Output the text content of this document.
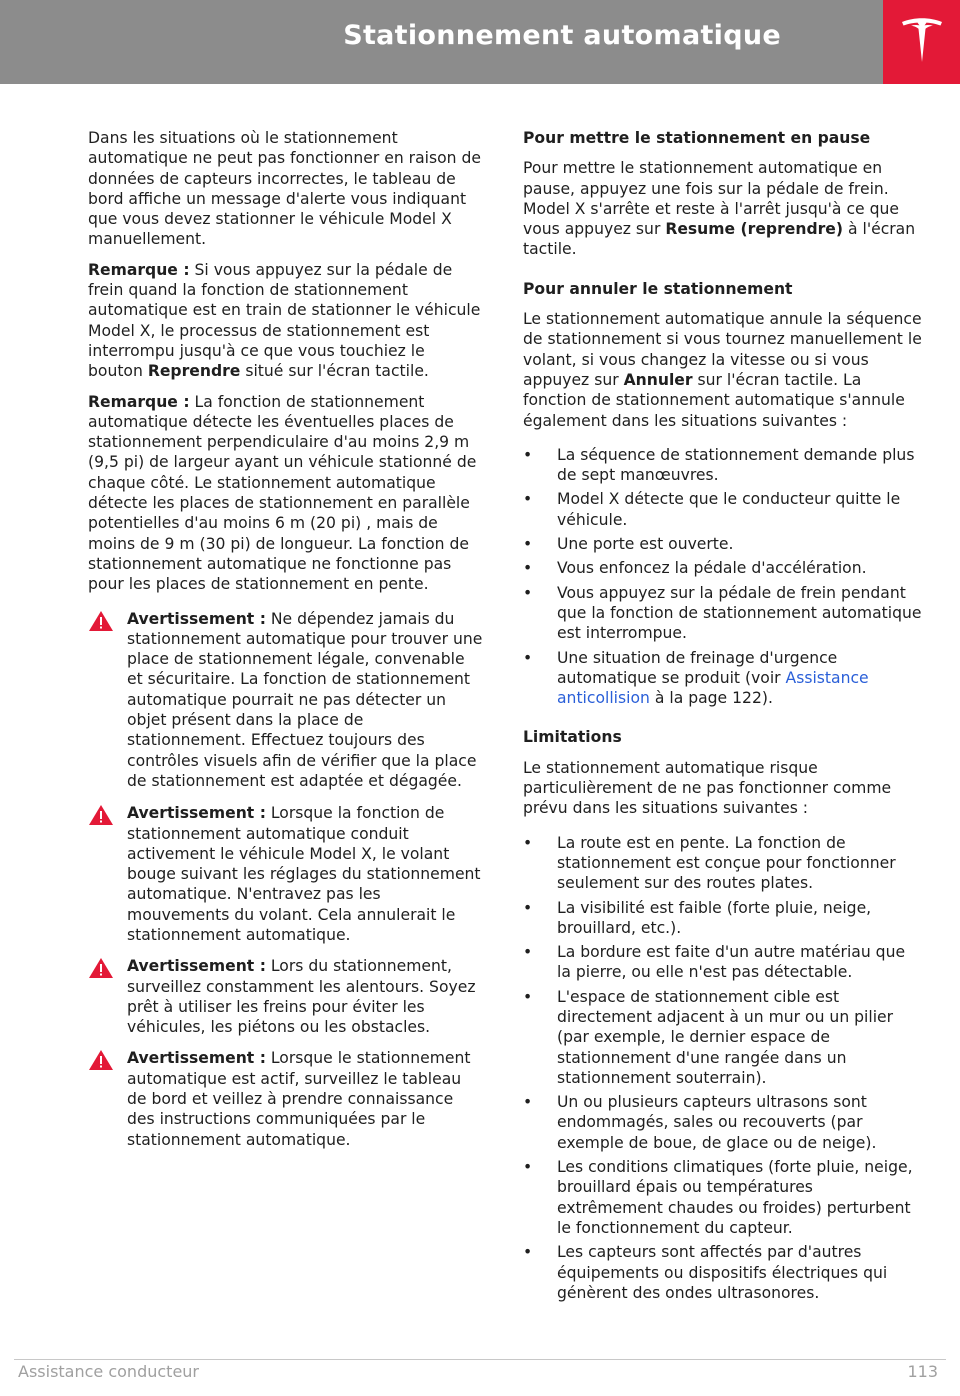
Stationnement automatique

Dans les situations où le stationnement automatique ne peut pas fonctionner en raison de données de capteurs incorrectes, le tableau de bord affiche un message d'alerte vous indiquant que vous devez stationner le véhicule Model X manuellement.

Remarque : Si vous appuyez sur la pédale de frein quand la fonction de stationnement automatique est en train de stationner le véhicule Model X, le processus de stationnement est interrompu jusqu'à ce que vous touchiez le bouton Reprendre situé sur l'écran tactile.

Remarque : La fonction de stationnement automatique détecte les éventuelles places de stationnement perpendiculaire d'au moins 2,9 m (9,5 pi) de largeur ayant un véhicule stationné de chaque côté. Le stationnement automatique détecte les places de stationnement en parallèle potentielles d'au moins 6 m (20 pi) , mais de moins de 9 m (30 pi) de longueur. La fonction de stationnement automatique ne fonctionne pas pour les places de stationnement en pente.

Avertissement : Ne dépendez jamais du stationnement automatique pour trouver une place de stationnement légale, convenable et sécuritaire. La fonction de stationnement automatique pourrait ne pas détecter un objet présent dans la place de stationnement. Effectuez toujours des contrôles visuels afin de vérifier que la place de stationnement est adaptée et dégagée.
Avertissement : Lorsque la fonction de stationnement automatique conduit activement le véhicule Model X, le volant bouge suivant les réglages du stationnement automatique. N'entravez pas les mouvements du volant. Cela annulerait le stationnement automatique.
Avertissement : Lors du stationnement, surveillez constamment les alentours. Soyez prêt à utiliser les freins pour éviter les véhicules, les piétons ou les obstacles.
Avertissement : Lorsque le stationnement automatique est actif, surveillez le tableau de bord et veillez à prendre connaissance des instructions communiquées par le stationnement automatique.
Pour mettre le stationnement en pause

Pour mettre le stationnement automatique en pause, appuyez une fois sur la pédale de frein. Model X s'arrête et reste à l'arrêt jusqu'à ce que vous appuyez sur Resume (reprendre) à l'écran tactile.

Pour annuler le stationnement

Le stationnement automatique annule la séquence de stationnement si vous tournez manuellement le volant, si vous changez la vitesse ou si vous appuyez sur Annuler sur l'écran tactile. La fonction de stationnement automatique s'annule également dans les situations suivantes :

• La séquence de stationnement demande plus de sept manœuvres.
• Model X détecte que le conducteur quitte le véhicule.
• Une porte est ouverte.
• Vous enfoncez la pédale d'accélération.
• Vous appuyez sur la pédale de frein pendant que la fonction de stationnement automatique est interrompue.
• Une situation de freinage d'urgence automatique se produit (voir Assistance anticollision à la page 122).
Limitations

Le stationnement automatique risque particulièrement de ne pas fonctionner comme prévu dans les situations suivantes :

• La route est en pente. La fonction de stationnement est conçue pour fonctionner seulement sur des routes plates.
• La visibilité est faible (forte pluie, neige, brouillard, etc.).
• La bordure est faite d'un autre matériau que la pierre, ou elle n'est pas détectable.
• L'espace de stationnement cible est directement adjacent à un mur ou un pilier (par exemple, le dernier espace de stationnement d'une rangée dans un stationnement souterrain).
• Un ou plusieurs capteurs ultrasons sont endommagés, sales ou recouverts (par exemple de boue, de glace ou de neige).
• Les conditions climatiques (forte pluie, neige, brouillard épais ou températures extrêmement chaudes ou froides) perturbent le fonctionnement du capteur.
• Les capteurs sont affectés par d'autres équipements ou dispositifs électriques qui génèrent des ondes ultrasonores.
Assistance conducteur	113
